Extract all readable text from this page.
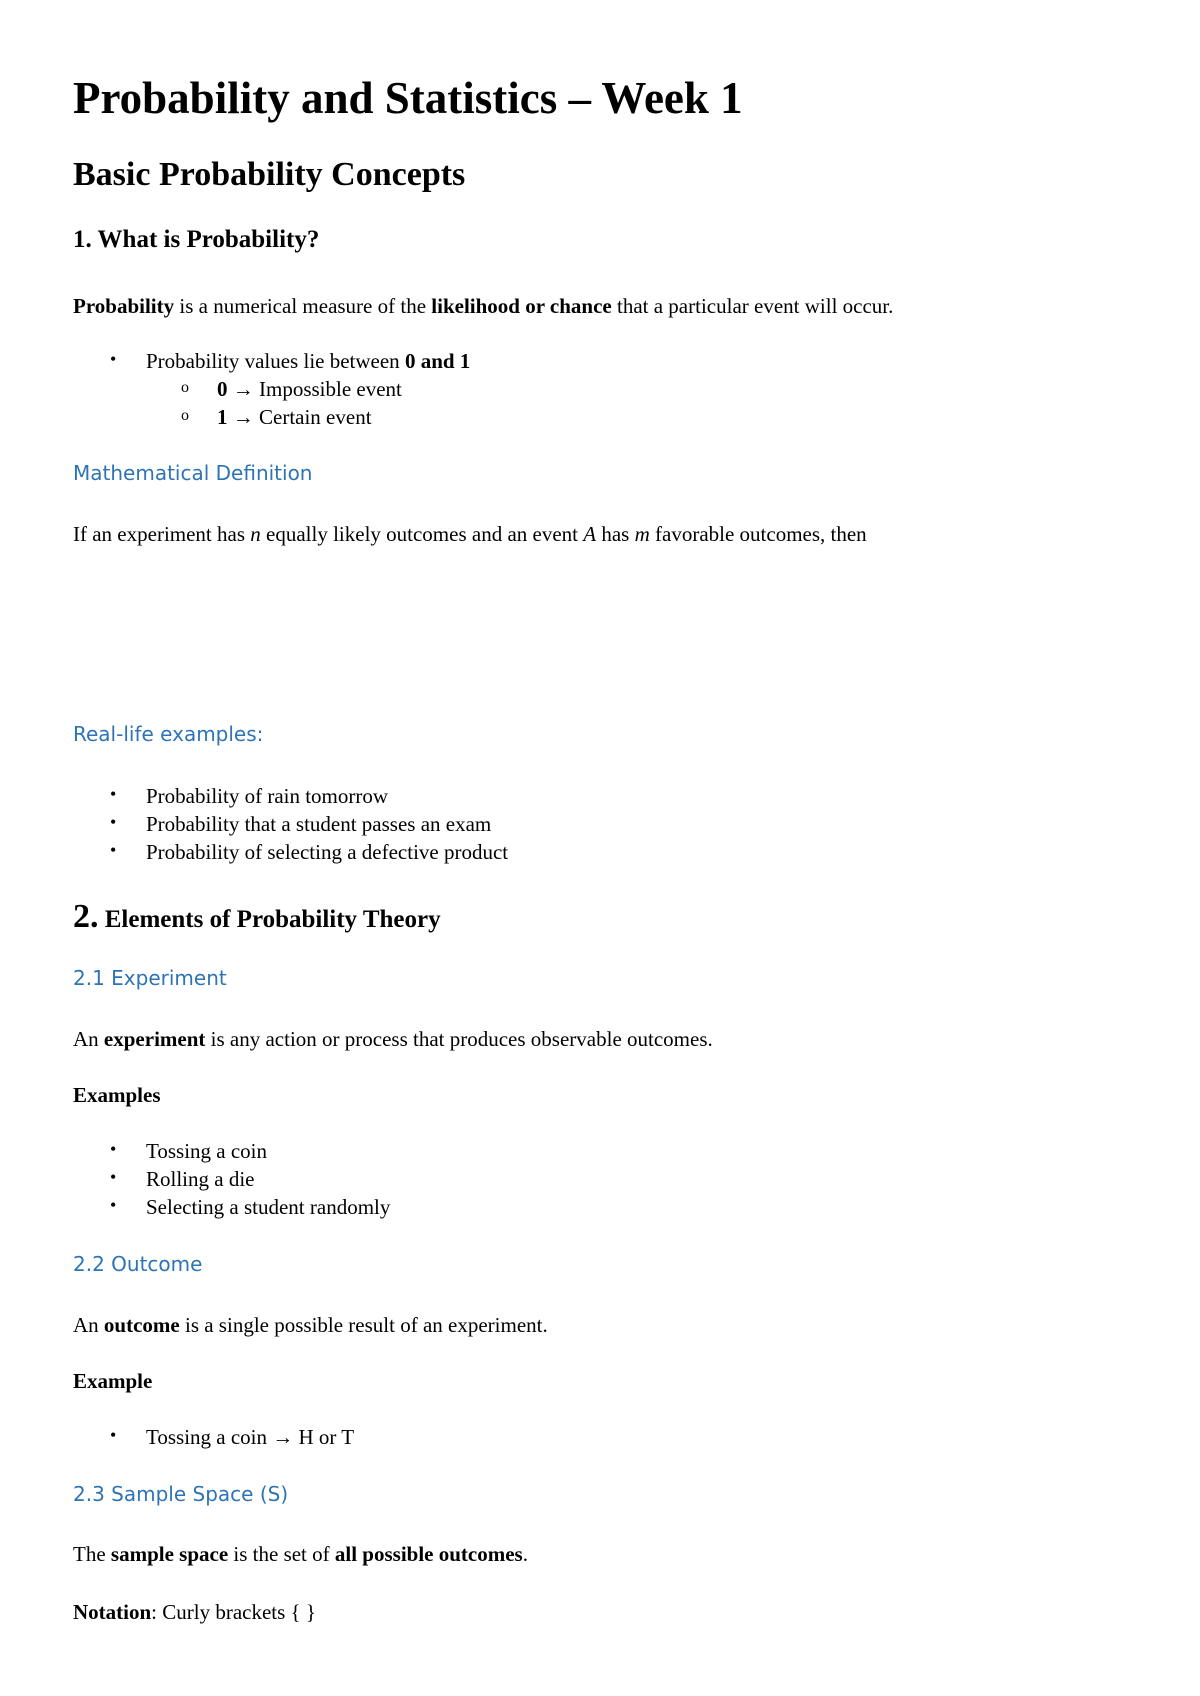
Probability and Statistics – Week 1
Basic Probability Concepts
1. What is Probability?

Probability is a numerical measure of the likelihood or chance that a particular event will occur.

• Probability values lie between 0 and 1
o 0 → Impossible event
o 1 → Certain event
Mathematical Definition

If an experiment has n equally likely outcomes and an event A has m favorable outcomes, then

Real-life examples:
• Probability of rain tomorrow
• Probability that a student passes an exam
• Probability of selecting a defective product
2. Elements of Probability Theory
2.1 Experiment

An experiment is any action or process that produces observable outcomes.

Examples

• Tossing a coin
• Rolling a die
• Selecting a student randomly
2.2 Outcome

An outcome is a single possible result of an experiment.

Example

• Tossing a coin → H or T
2.3 Sample Space (S)

The sample space is the set of all possible outcomes.

Notation: Curly brackets { }
